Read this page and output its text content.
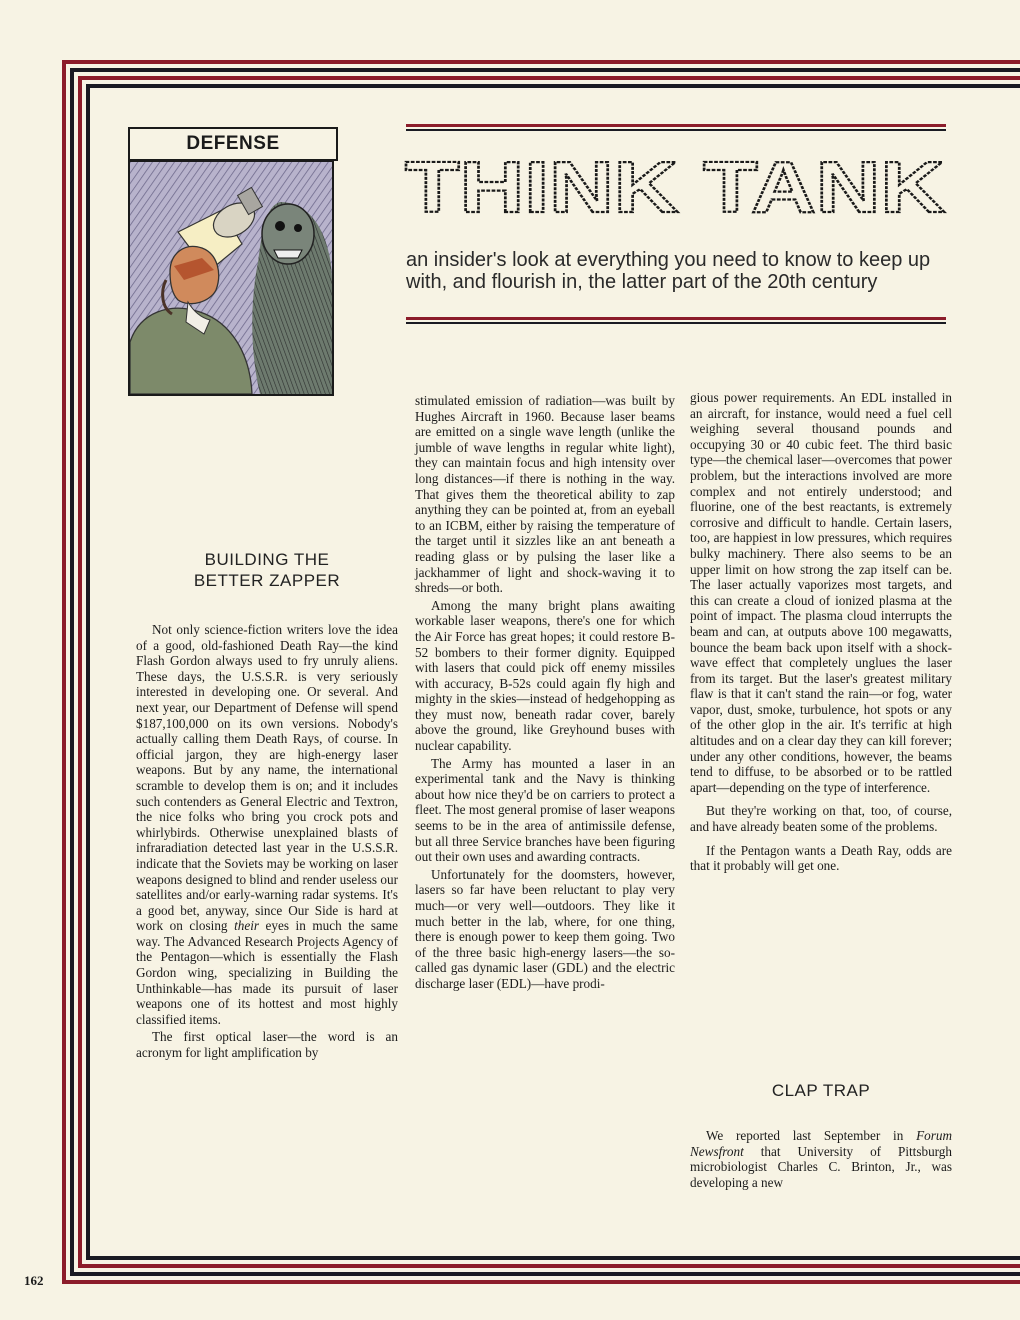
DEFENSE
THINK TANK
an insider's look at everything you need to know to keep up with, and flourish in, the latter part of the 20th century
BUILDING THE
BETTER ZAPPER

Not only science-fiction writers love the idea of a good, old-fashioned Death Ray—the kind Flash Gordon always used to fry unruly aliens. These days, the U.S.S.R. is very seriously interested in developing one. Or several. And next year, our Department of Defense will spend $187,100,000 on its own versions. Nobody's actually calling them Death Rays, of course. In official jargon, they are high-energy laser weapons. But by any name, the international scramble to develop them is on; and it includes such contenders as General Electric and Textron, the nice folks who bring you crock pots and whirlybirds. Otherwise unexplained blasts of infraradiation detected last year in the U.S.S.R. indicate that the Soviets may be working on laser weapons designed to blind and render useless our satellites and/or early-warning radar systems. It's a good bet, anyway, since Our Side is hard at work on closing their eyes in much the same way. The Advanced Research Projects Agency of the Pentagon—which is essentially the Flash Gordon wing, specializing in Building the Unthinkable—has made its pursuit of laser weapons one of its hottest and most highly classified items.

The first optical laser—the word is an acronym for light amplification by

stimulated emission of radiation—was built by Hughes Aircraft in 1960. Because laser beams are emitted on a single wave length (unlike the jumble of wave lengths in regular white light), they can maintain focus and high intensity over long distances—if there is nothing in the way. That gives them the theoretical ability to zap anything they can be pointed at, from an eyeball to an ICBM, either by raising the temperature of the target until it sizzles like an ant beneath a reading glass or by pulsing the laser like a jackhammer of light and shock-waving it to shreds—or both.

Among the many bright plans awaiting workable laser weapons, there's one for which the Air Force has great hopes; it could restore B-52 bombers to their former dignity. Equipped with lasers that could pick off enemy missiles with accuracy, B-52s could again fly high and mighty in the skies—instead of hedgehopping as they must now, beneath radar cover, barely above the ground, like Greyhound buses with nuclear capability.

The Army has mounted a laser in an experimental tank and the Navy is thinking about how nice they'd be on carriers to protect a fleet. The most general promise of laser weapons seems to be in the area of antimissile defense, but all three Service branches have been figuring out their own uses and awarding contracts.

Unfortunately for the doomsters, however, lasers so far have been reluctant to play very much—or very well—outdoors. They like it much better in the lab, where, for one thing, there is enough power to keep them going. Two of the three basic high-energy lasers—the so-called gas dynamic laser (GDL) and the electric discharge laser (EDL)—have prodi-

gious power requirements. An EDL installed in an aircraft, for instance, would need a fuel cell weighing several thousand pounds and occupying 30 or 40 cubic feet. The third basic type—the chemical laser—overcomes that power problem, but the interactions involved are more complex and not entirely understood; and fluorine, one of the best reactants, is extremely corrosive and difficult to handle. Certain lasers, too, are happiest in low pressures, which requires bulky machinery. There also seems to be an upper limit on how strong the zap itself can be. The laser actually vaporizes most targets, and this can create a cloud of ionized plasma at the point of impact. The plasma cloud interrupts the beam and can, at outputs above 100 megawatts, bounce the beam back upon itself with a shock-wave effect that completely unglues the laser from its target. But the laser's greatest military flaw is that it can't stand the rain—or fog, water vapor, dust, smoke, turbulence, hot spots or any of the other glop in the air. It's terrific at high altitudes and on a clear day they can kill forever; under any other conditions, however, the beams tend to diffuse, to be absorbed or to be rattled apart—depending on the type of interference.

But they're working on that, too, of course, and have already beaten some of the problems.

If the Pentagon wants a Death Ray, odds are that it probably will get one.

CLAP TRAP

We reported last September in Forum Newsfront that University of Pittsburgh microbiologist Charles C. Brinton, Jr., was developing a new

162
